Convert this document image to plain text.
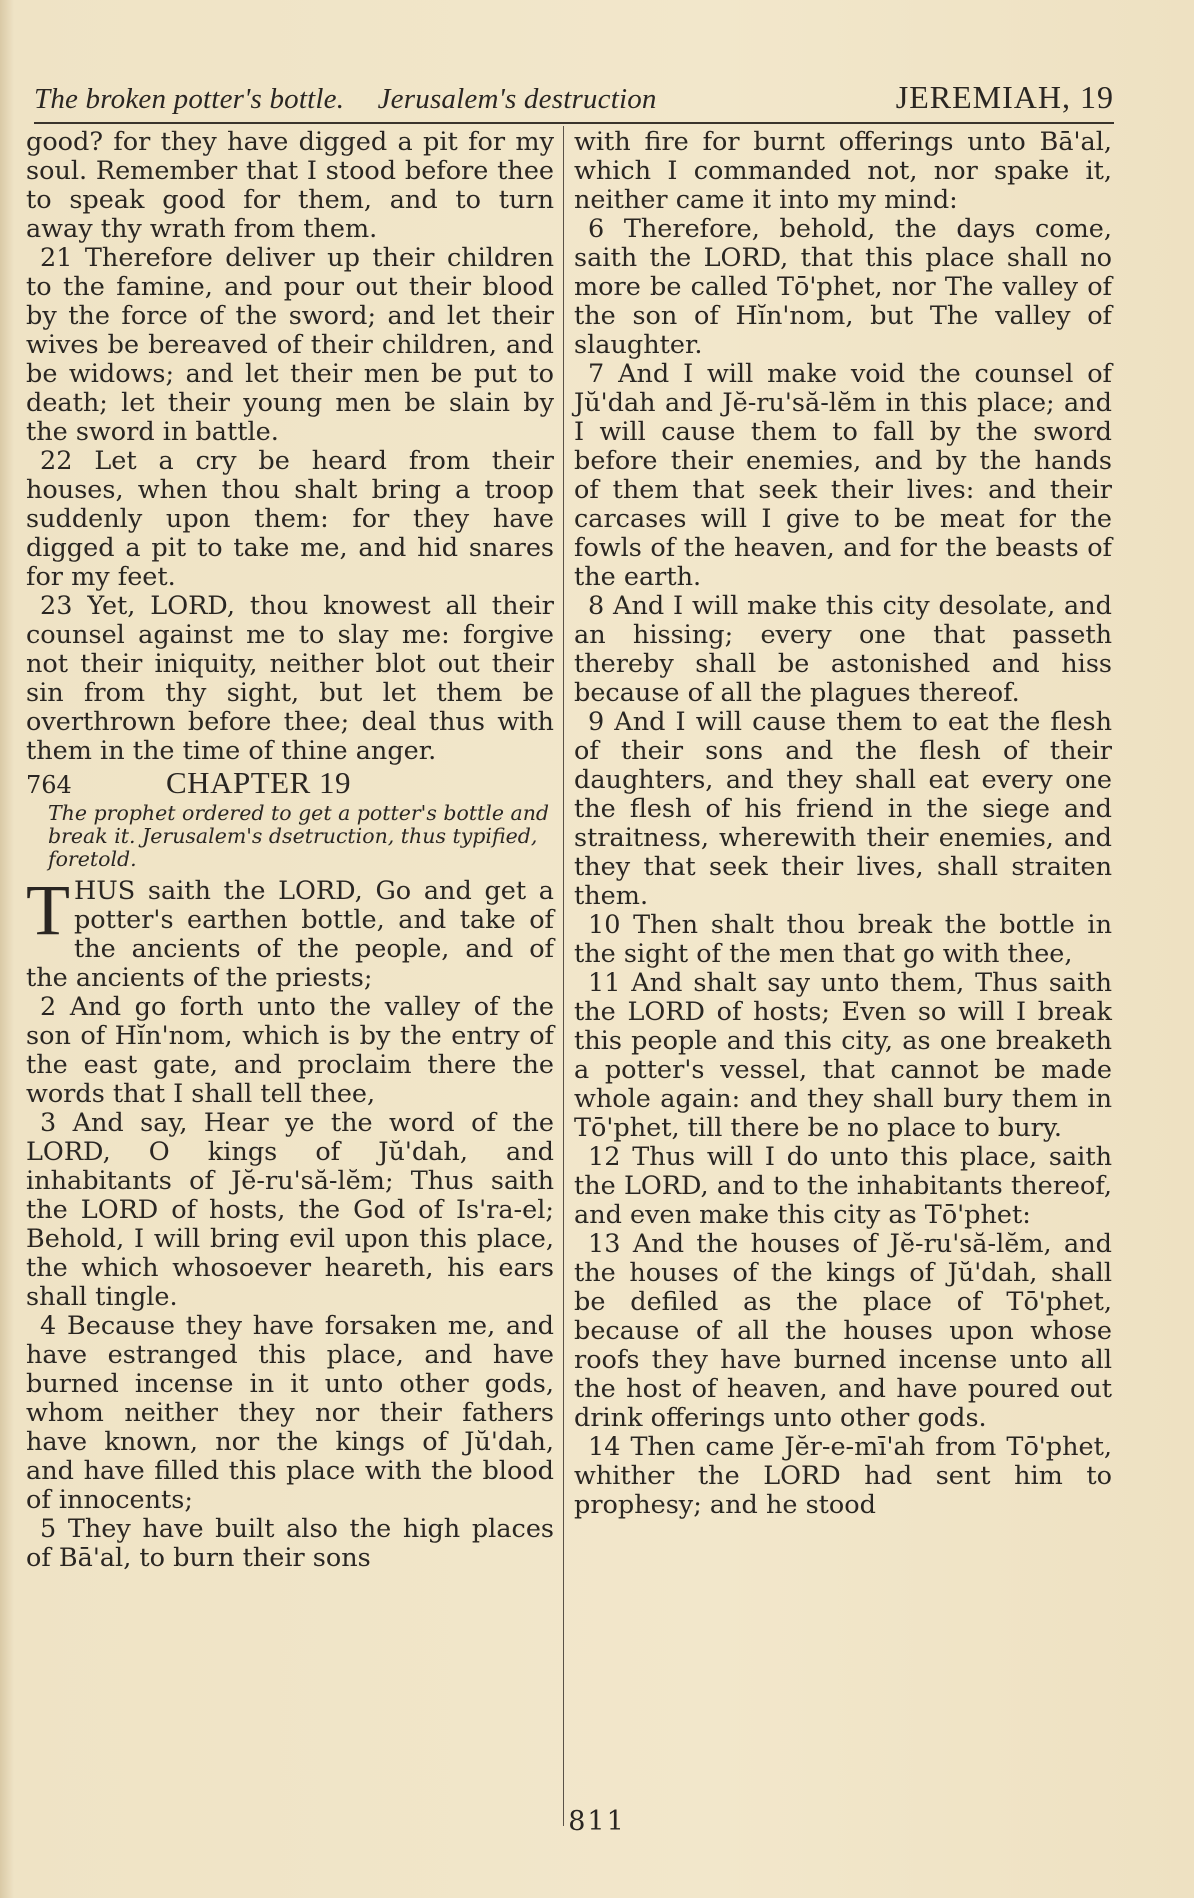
The broken potter's bottle. Jerusalem's destruction	JEREMIAH, 19

good? for they have digged a pit for my soul. Remember that I stood before thee to speak good for them, and to turn away thy wrath from them.

21 Therefore deliver up their children to the famine, and pour out their blood by the force of the sword; and let their wives be bereaved of their children, and be widows; and let their men be put to death; let their young men be slain by the sword in battle.

22 Let a cry be heard from their houses, when thou shalt bring a troop suddenly upon them: for they have digged a pit to take me, and hid snares for my feet.

23 Yet, LORD, thou knowest all their counsel against me to slay me: forgive not their iniquity, neither blot out their sin from thy sight, but let them be overthrown before thee; deal thus with them in the time of thine anger.

764	CHAPTER 19
The prophet ordered to get a potter's bottle and break it. Jerusalem's dsetruction, thus typified, foretold.
T HUS saith the LORD, Go and get a potter's earthen bottle, and take of the ancients of the people, and of the ancients of the priests;

2 And go forth unto the valley of the son of Hĭn'nom, which is by the entry of the east gate, and proclaim there the words that I shall tell thee,

3 And say, Hear ye the word of the LORD, O kings of Jŭ'dah, and inhabitants of Jĕ-ru'să-lĕm; Thus saith the LORD of hosts, the God of Is'ra-el; Behold, I will bring evil upon this place, the which whosoever heareth, his ears shall tingle.

4 Because they have forsaken me, and have estranged this place, and have burned incense in it unto other gods, whom neither they nor their fathers have known, nor the kings of Jŭ'dah, and have filled this place with the blood of innocents;

5 They have built also the high places of Bā'al, to burn their sons

with fire for burnt offerings unto Bā'al, which I commanded not, nor spake it, neither came it into my mind:

6 Therefore, behold, the days come, saith the LORD, that this place shall no more be called Tō'phet, nor The valley of the son of Hĭn'nom, but The valley of slaughter.

7 And I will make void the counsel of Jŭ'dah and Jĕ-ru'să-lĕm in this place; and I will cause them to fall by the sword before their enemies, and by the hands of them that seek their lives: and their carcases will I give to be meat for the fowls of the heaven, and for the beasts of the earth.

8 And I will make this city desolate, and an hissing; every one that passeth thereby shall be astonished and hiss because of all the plagues thereof.

9 And I will cause them to eat the flesh of their sons and the flesh of their daughters, and they shall eat every one the flesh of his friend in the siege and straitness, wherewith their enemies, and they that seek their lives, shall straiten them.

10 Then shalt thou break the bottle in the sight of the men that go with thee,

11 And shalt say unto them, Thus saith the LORD of hosts; Even so will I break this people and this city, as one breaketh a potter's vessel, that cannot be made whole again: and they shall bury them in Tō'phet, till there be no place to bury.

12 Thus will I do unto this place, saith the LORD, and to the inhabitants thereof, and even make this city as Tō'phet:

13 And the houses of Jĕ-ru'să-lĕm, and the houses of the kings of Jŭ'dah, shall be defiled as the place of Tō'phet, because of all the houses upon whose roofs they have burned incense unto all the host of heaven, and have poured out drink offerings unto other gods.

14 Then came Jĕr-e-mī'ah from Tō'phet, whither the LORD had sent him to prophesy; and he stood

811
